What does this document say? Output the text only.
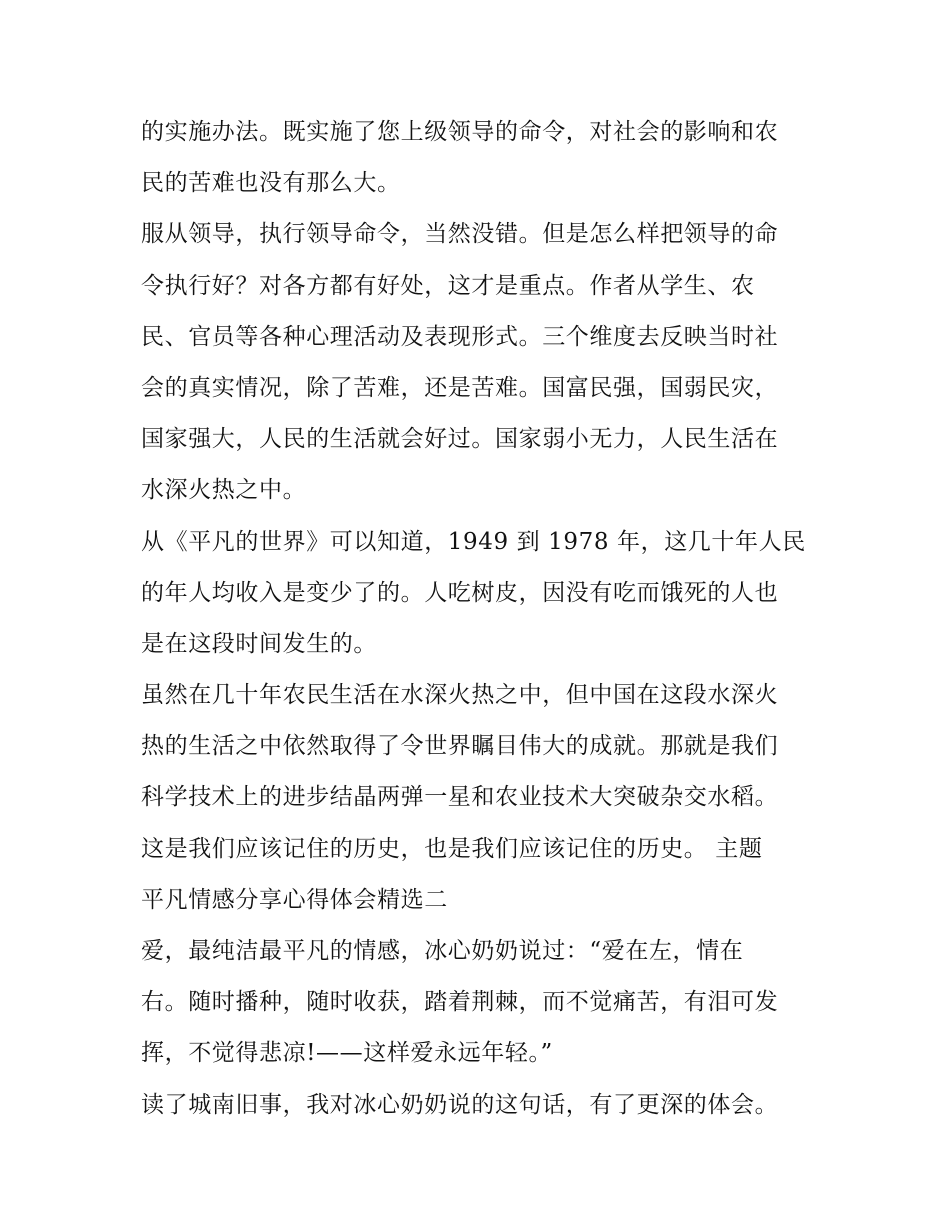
的实施办法。既实施了您上级领导的命令，对社会的影响和农
民的苦难也没有那么大。
服从领导，执行领导命令，当然没错。但是怎么样把领导的命
令执行好？对各方都有好处，这才是重点。作者从学生、农
民、官员等各种心理活动及表现形式。三个维度去反映当时社
会的真实情况，除了苦难，还是苦难。国富民强，国弱民灾，
国家强大，人民的生活就会好过。国家弱小无力，人民生活在
水深火热之中。
从《平凡的世界》可以知道，1949 到 1978 年，这几十年人民
的年人均收入是变少了的。人吃树皮，因没有吃而饿死的人也
是在这段时间发生的。
虽然在几十年农民生活在水深火热之中，但中国在这段水深火
热的生活之中依然取得了令世界瞩目伟大的成就。那就是我们
科学技术上的进步结晶两弹一星和农业技术大突破杂交水稻。
这是我们应该记住的历史，也是我们应该记住的历史。 主题
平凡情感分享心得体会精选二
爱，最纯洁最平凡的情感，冰心奶奶说过：“爱在左，情在
右。随时播种，随时收获，踏着荆棘，而不觉痛苦，有泪可发
挥，不觉得悲凉!——这样爱永远年轻。”
读了城南旧事，我对冰心奶奶说的这句话，有了更深的体会。
